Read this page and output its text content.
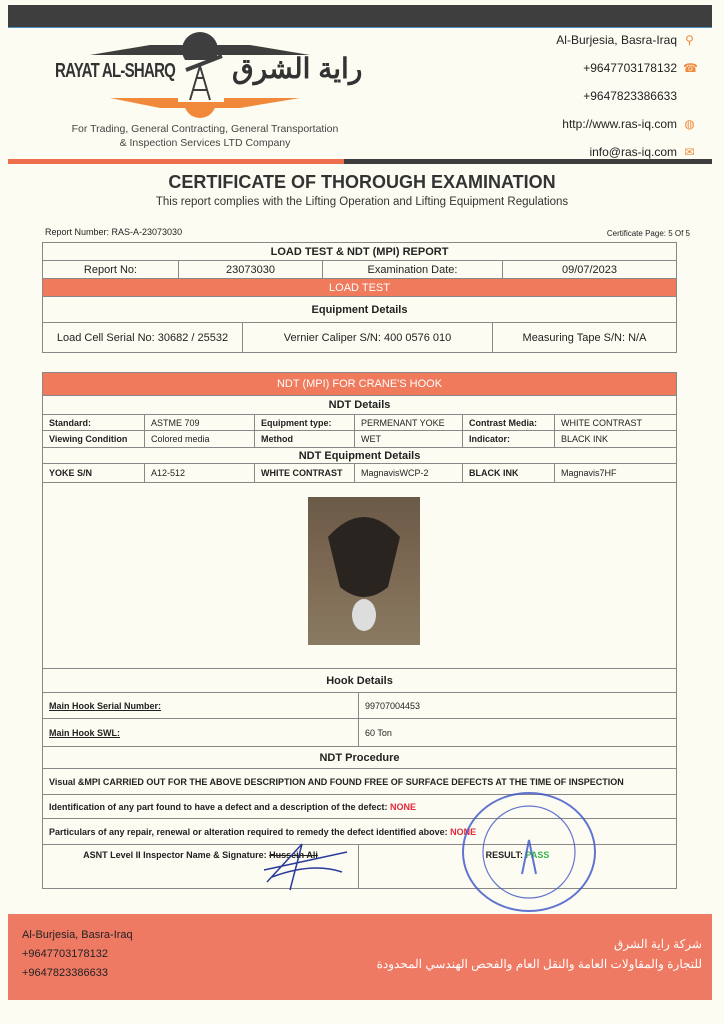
RAYAT AL-SHARQ راية الشرق
For Trading, General Contracting, General Transportation
& Inspection Services LTD Company
Al-Burjesia, Basra-Iraq ⚲
+9647703178132 ☎
+9647823386633
http://www.ras-iq.com ◍
info@ras-iq.com ✉
CERTIFICATE OF THOROUGH EXAMINATION
This report complies with the Lifting Operation and Lifting Equipment Regulations
Report Number: RAS-A-23073030	Certificate Page: 5 Of 5
LOAD TEST & NDT (MPI) REPORT
Report No:	23073030	Examination Date:	09/07/2023
LOAD TEST
Equipment Details
Load Cell Serial No: 30682 / 25532	Vernier Caliper S/N: 400 0576 010	Measuring Tape S/N: N/A
NDT (MPI) FOR CRANE'S HOOK					
NDT Details					
Standard:	ASTME 709	Equipment type:	PERMENANT YOKE	Contrast Media:	WHITE CONTRAST
Viewing Condition	Colored media	Method	WET	Indicator:	BLACK INK
NDT Equipment Details					
YOKE S/N	A12-512	WHITE CONTRAST	MagnavisWCP-2	BLACK INK	Magnavis7HF

Hook Details	
Main Hook Serial Number:	99707004453
Main Hook SWL:	60 Ton
NDT Procedure	
Visual &MPI CARRIED OUT FOR THE ABOVE DESCRIPTION AND FOUND FREE OF SURFACE DEFECTS AT THE TIME OF INSPECTION	
Identification of any part found to have a defect and a description of the defect: NONE	
Particulars of any repair, renewal or alteration required to remedy the defect identified above: NONE	
ASNT Level II Inspector Name & Signature: Hussein Ali	RESULT: PASS
Al-Burjesia, Basra-Iraq
+9647703178132
+9647823386633
شركة راية الشرق
للتجارة والمقاولات العامة والنقل العام والفحص الهندسي المحدودة
